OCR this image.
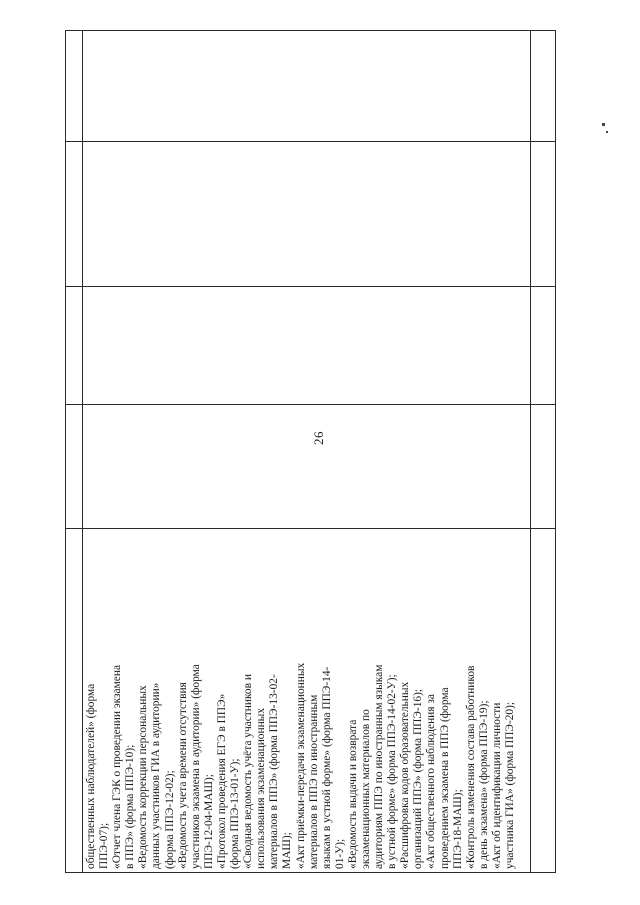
26

общественных наблюдателей» (форма ППЭ-07); «Отчет члена ГЭК о проведении экзамена в ППЭ» (форма ППЭ-10); «Ведомость коррекции персональных данных участников ГИА в аудитории» (форма ППЭ-12-02); «Ведомость учета времени отсутствия участников экзамена в аудитории» (форма ППЭ-12-04-МАШ); «Протокол проведения ЕГЭ в ППЭ» (форма ППЭ-13-01-У); «Сводная ведомость учёта участников и использования экзаменационных материалов в ППЭ» (форма ППЭ-13-02- МАШ); «Акт приёмки-передачи экзаменационных материалов в ППЭ по иностранным языкам в устной форме» (форма ППЭ-14- 01-У); «Ведомость выдачи и возврата экзаменационных материалов по аудиториям ППЭ по иностранным языкам в устной форме» (форма ППЭ-14-02-У); «Расшифровка кодов образовательных организаций ППЭ» (форма ППЭ-16); «Акт общественного наблюдения за проведением экзамена в ППЭ (форма ППЭ-18-МАШ); «Контроль изменения состава работников в день экзамена» (форма ППЭ-19); «Акт об идентификации личности участника ГИА» (форма ППЭ-20);
